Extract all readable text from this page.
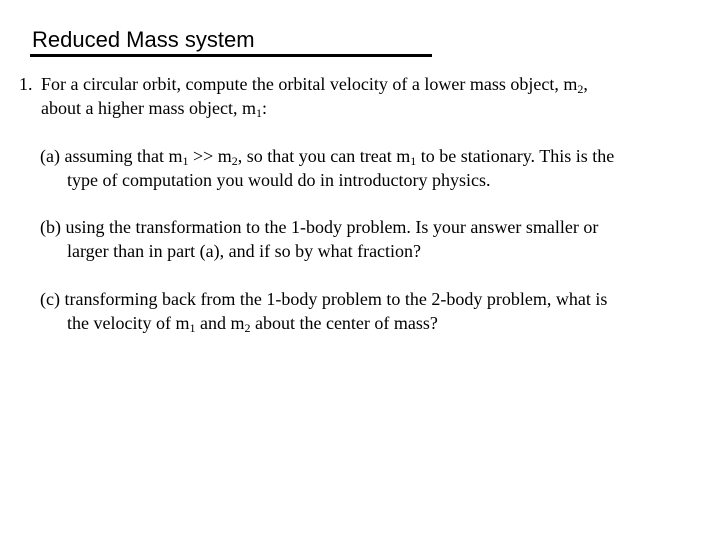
Reduced Mass system
1. For a circular orbit, compute the orbital velocity of a lower mass object, $m_2$,
about a higher mass object, $m_1$:
(a) assuming that $m_1 >> m_2$, so that you can treat $m_1$ to be stationary. This is the
type of computation you would do in introductory physics.
(b) using the transformation to the 1-body problem. Is your answer smaller or
larger than in part (a), and if so by what fraction?
(c) transforming back from the 1-body problem to the 2-body problem, what is
the velocity of $m_1$ and $m_2$ about the center of mass?
